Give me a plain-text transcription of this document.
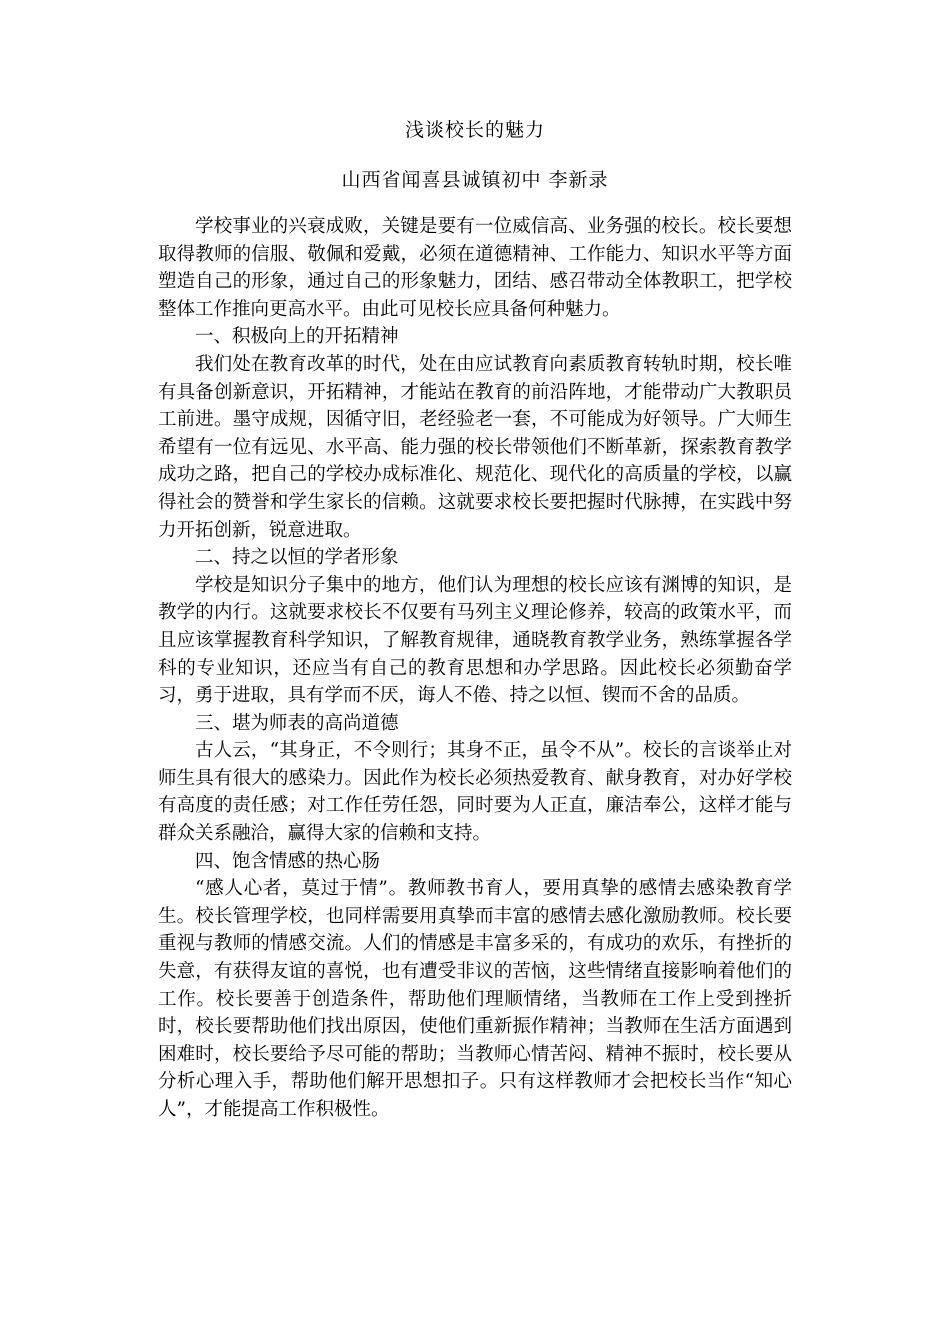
浅谈校长的魅力
山西省闻喜县诚镇初中 李新录

学校事业的兴衰成败，关键是要有一位威信高、业务强的校长。校长要想取得教师的信服、敬佩和爱戴，必须在道德精神、工作能力、知识水平等方面塑造自己的形象，通过自己的形象魅力，团结、感召带动全体教职工，把学校整体工作推向更高水平。由此可见校长应具备何种魅力。

一、积极向上的开拓精神

我们处在教育改革的时代，处在由应试教育向素质教育转轨时期，校长唯有具备创新意识，开拓精神，才能站在教育的前沿阵地，才能带动广大教职员工前进。墨守成规，因循守旧，老经验老一套，不可能成为好领导。广大师生希望有一位有远见、水平高、能力强的校长带领他们不断革新，探索教育教学成功之路，把自己的学校办成标准化、规范化、现代化的高质量的学校，以赢得社会的赞誉和学生家长的信赖。这就要求校长要把握时代脉搏，在实践中努力开拓创新，锐意进取。

二、持之以恒的学者形象

学校是知识分子集中的地方，他们认为理想的校长应该有渊博的知识，是教学的内行。这就要求校长不仅要有马列主义理论修养，较高的政策水平，而且应该掌握教育科学知识，了解教育规律，通晓教育教学业务，熟练掌握各学科的专业知识，还应当有自己的教育思想和办学思路。因此校长必须勤奋学习，勇于进取，具有学而不厌，诲人不倦、持之以恒、锲而不舍的品质。

三、堪为师表的高尚道德

古人云，“其身正，不令则行；其身不正，虽令不从”。校长的言谈举止对师生具有很大的感染力。因此作为校长必须热爱教育、献身教育，对办好学校有高度的责任感；对工作任劳任怨，同时要为人正直，廉洁奉公，这样才能与群众关系融洽，赢得大家的信赖和支持。

四、饱含情感的热心肠

“感人心者，莫过于情”。教师教书育人，要用真挚的感情去感染教育学生。校长管理学校，也同样需要用真挚而丰富的感情去感化激励教师。校长要重视与教师的情感交流。人们的情感是丰富多采的，有成功的欢乐，有挫折的失意，有获得友谊的喜悦，也有遭受非议的苦恼，这些情绪直接影响着他们的工作。校长要善于创造条件，帮助他们理顺情绪，当教师在工作上受到挫折时，校长要帮助他们找出原因，使他们重新振作精神；当教师在生活方面遇到困难时，校长要给予尽可能的帮助；当教师心情苦闷、精神不振时，校长要从分析心理入手，帮助他们解开思想扣子。只有这样教师才会把校长当作“知心人”，才能提高工作积极性。
